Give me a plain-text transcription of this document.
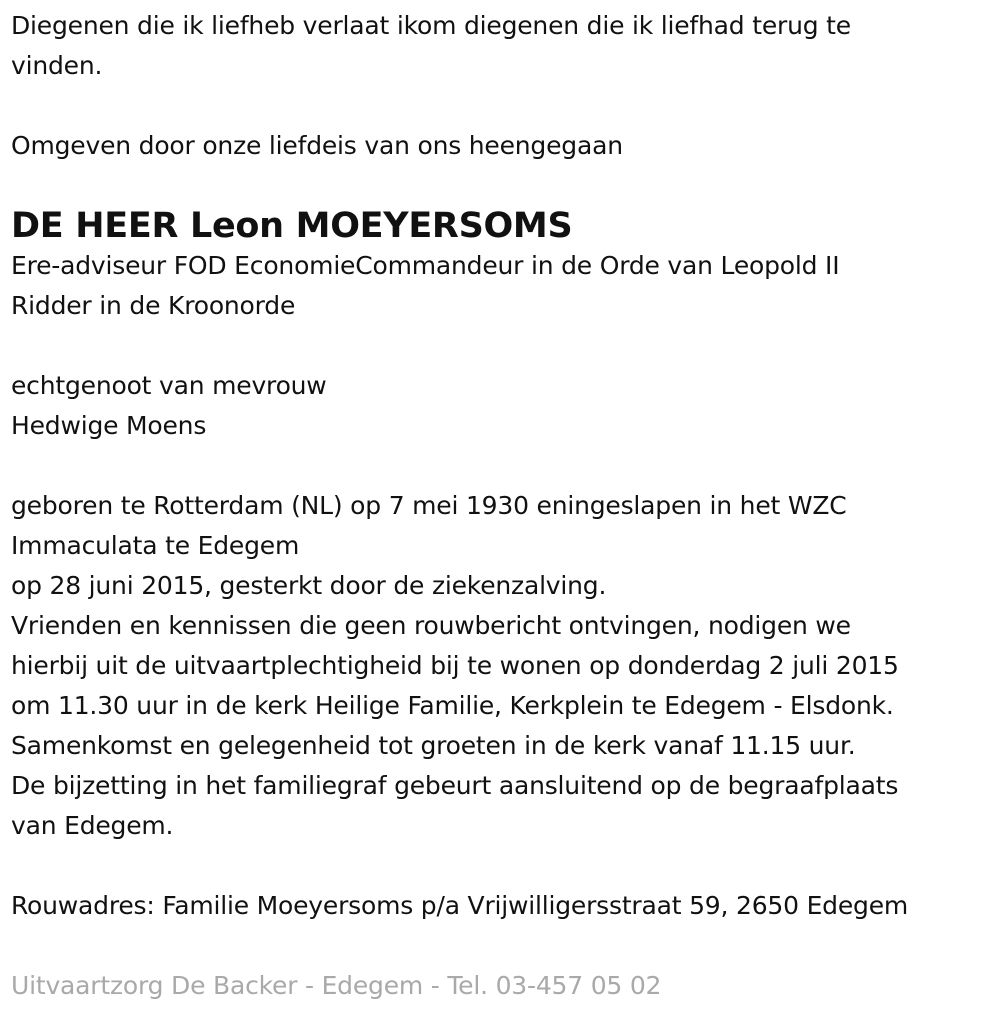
Diegenen die ik liefheb verlaat ikom diegenen die ik liefhad terug te
vinden.
Omgeven door onze liefdeis van ons heengegaan
DE HEER Leon MOEYERSOMS
Ere-adviseur FOD EconomieCommandeur in de Orde van Leopold II
Ridder in de Kroonorde
echtgenoot van mevrouw
Hedwige Moens
geboren te Rotterdam (NL) op 7 mei 1930 eningeslapen in het WZC
Immaculata te Edegem
op 28 juni 2015, gesterkt door de ziekenzalving.
Vrienden en kennissen die geen rouwbericht ontvingen, nodigen we
hierbij uit de uitvaartplechtigheid bij te wonen op donderdag 2 juli 2015
om 11.30 uur in de kerk Heilige Familie, Kerkplein te Edegem - Elsdonk.
Samenkomst en gelegenheid tot groeten in de kerk vanaf 11.15 uur.
De bijzetting in het familiegraf gebeurt aansluitend op de begraafplaats
van Edegem.
Rouwadres: Familie Moeyersoms p/a Vrijwilligersstraat 59, 2650 Edegem
Uitvaartzorg De Backer - Edegem - Tel. 03-457 05 02
